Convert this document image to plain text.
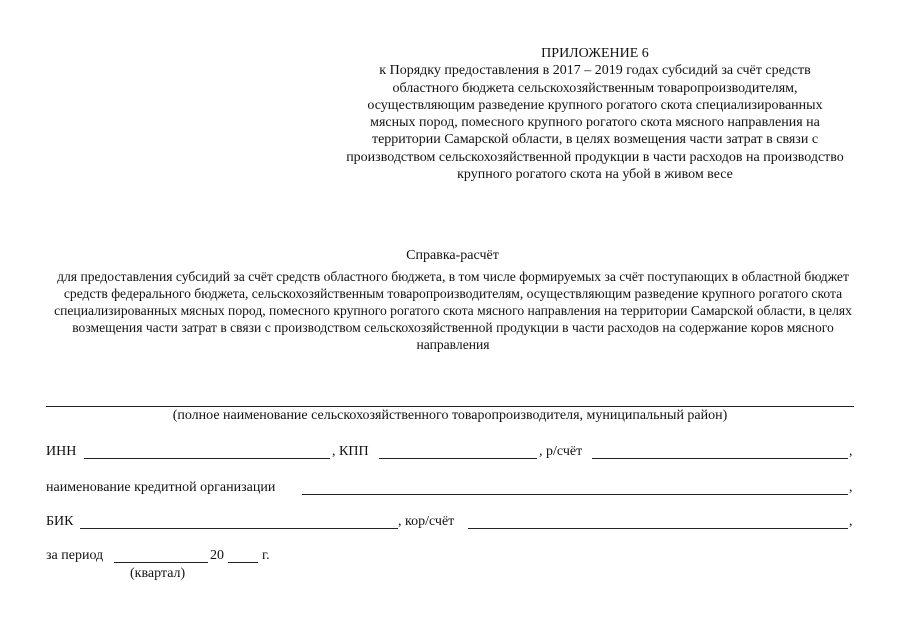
ПРИЛОЖЕНИЕ 6
к Порядку предоставления в 2017 – 2019 годах субсидий за счёт средств областного бюджета сельскохозяйственным товаропроизводителям, осуществляющим разведение крупного рогатого скота специализированных мясных пород, помесного крупного рогатого скота мясного направления на территории Самарской области, в целях возмещения части затрат в связи с производством сельскохозяйственной продукции в части расходов на производство крупного рогатого скота на убой в живом весе
Справка-расчёт
для предоставления субсидий за счёт средств областного бюджета, в том числе формируемых за счёт поступающих в областной бюджет средств федерального бюджета, сельскохозяйственным товаропроизводителям, осуществляющим разведение крупного рогатого скота специализированных мясных пород, помесного крупного рогатого скота мясного направления на территории Самарской области, в целях возмещения части затрат в связи с производством сельскохозяйственной продукции в части расходов на содержание коров мясного направления
(полное наименование сельскохозяйственного товаропроизводителя, муниципальный район)
ИНН	, КПП	, р/счёт	,
наименование кредитной организации	,
БИК	, кор/счёт	,
за период	20	г.
(квартал)
